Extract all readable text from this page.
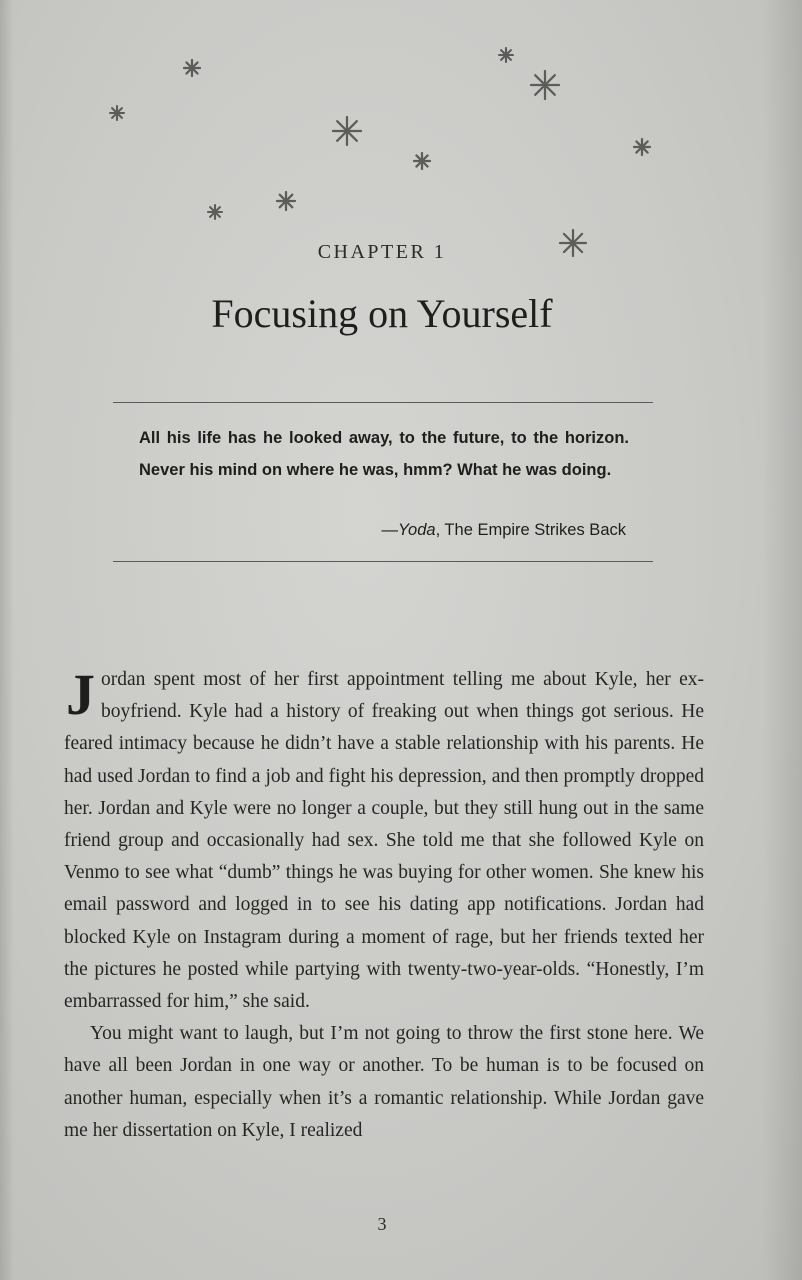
CHAPTER 1
Focusing on Yourself
All his life has he looked away, to the future, to the horizon. Never his mind on where he was, hmm? What he was doing.
—Yoda, The Empire Strikes Back

Jordan spent most of her first appointment telling me about Kyle, her ex-boyfriend. Kyle had a history of freaking out when things got serious. He feared intimacy because he didn’t have a stable relationship with his parents. He had used Jordan to find a job and fight his depression, and then promptly dropped her. Jordan and Kyle were no longer a couple, but they still hung out in the same friend group and occasionally had sex. She told me that she followed Kyle on Venmo to see what “dumb” things he was buying for other women. She knew his email password and logged in to see his dating app notifications. Jordan had blocked Kyle on Instagram during a moment of rage, but her friends texted her the pictures he posted while partying with twenty-two-year-olds. “Honestly, I’m embarrassed for him,” she said.

You might want to laugh, but I’m not going to throw the first stone here. We have all been Jordan in one way or another. To be human is to be focused on another human, especially when it’s a romantic relationship. While Jordan gave me her dissertation on Kyle, I realized

3
